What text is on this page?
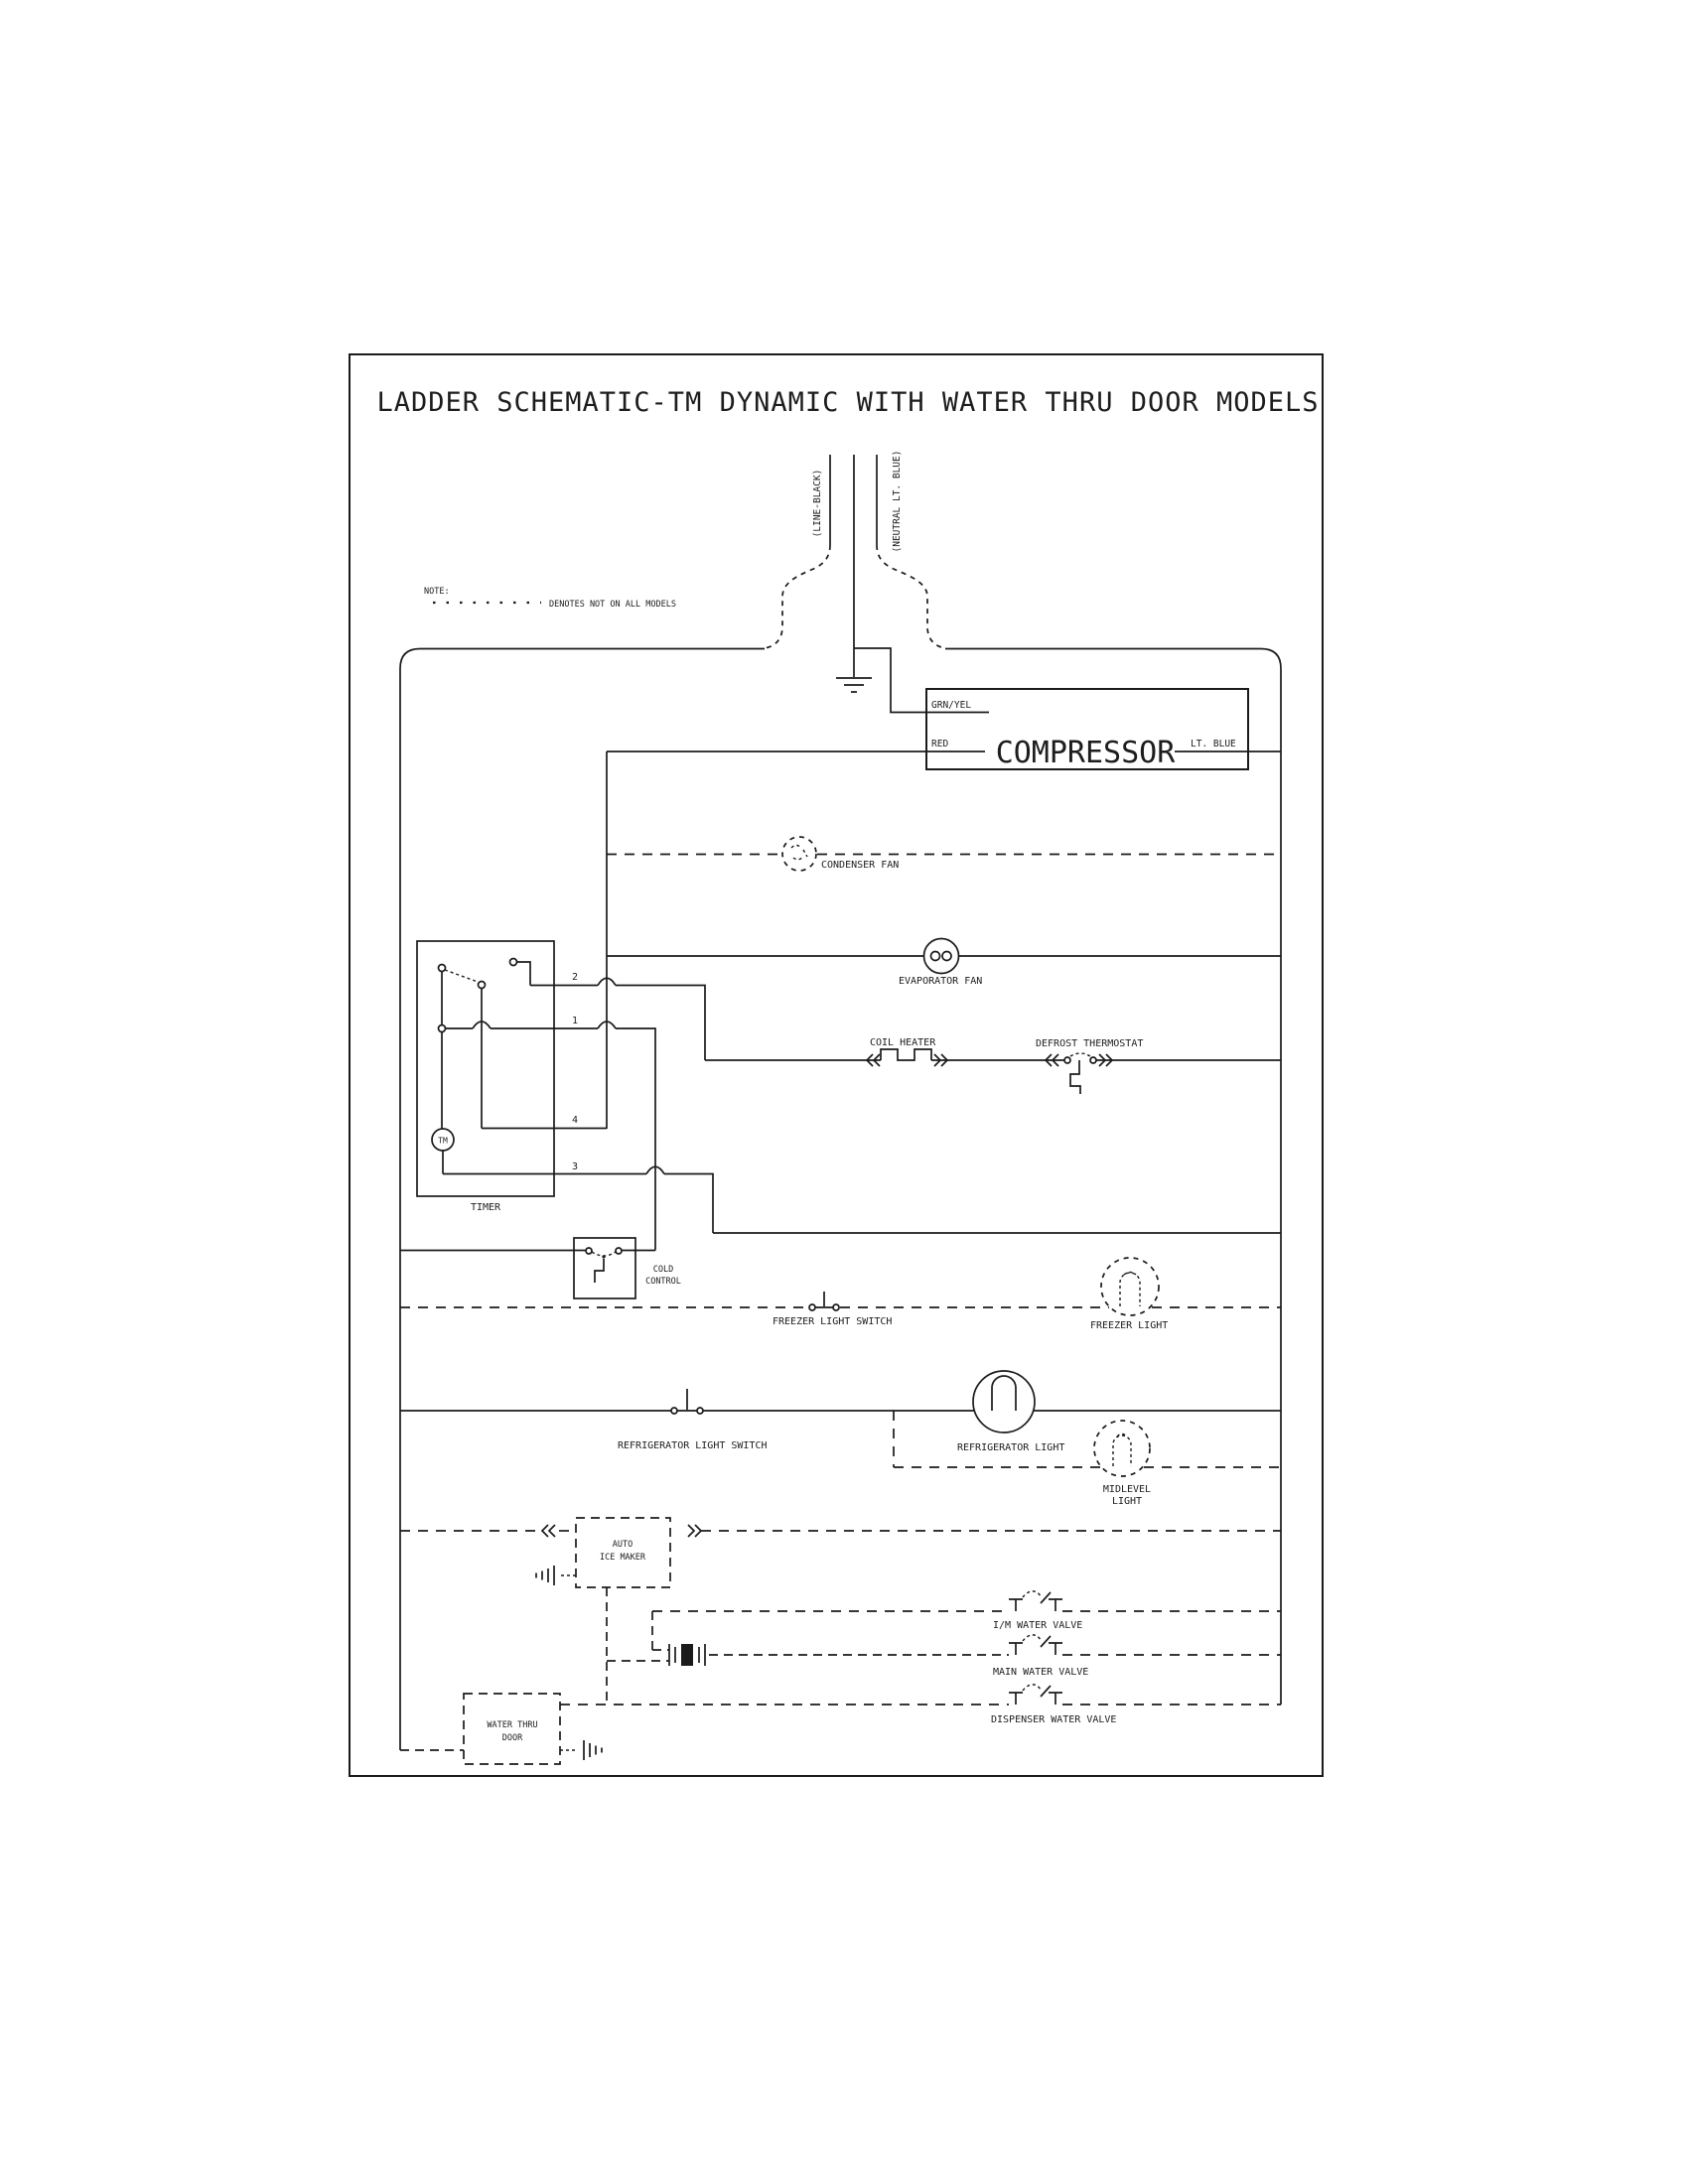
LADDER SCHEMATIC-TM DYNAMIC WITH WATER THRU DOOR MODELS
NOTE:
DENOTES NOT ON ALL MODELS
(LINE-BLACK)	(NEUTRAL LT. BLUE)
GRN/YEL
RED COMPRESSOR LT. BLUE
CONDENSER FAN
EVAPORATOR FAN
COIL HEATER	DEFROST THERMOSTAT
TIMER
2
1
4
TM
3
COLD
CONTROL
FREEZER LIGHT SWITCH	FREEZER LIGHT
REFRIGERATOR LIGHT SWITCH	REFRIGERATOR LIGHT
MIDLEVEL
LIGHT
AUTO
ICE MAKER
I/M WATER VALVE
MAIN WATER VALVE
DISPENSER WATER VALVE
WATER THRU
DOOR
